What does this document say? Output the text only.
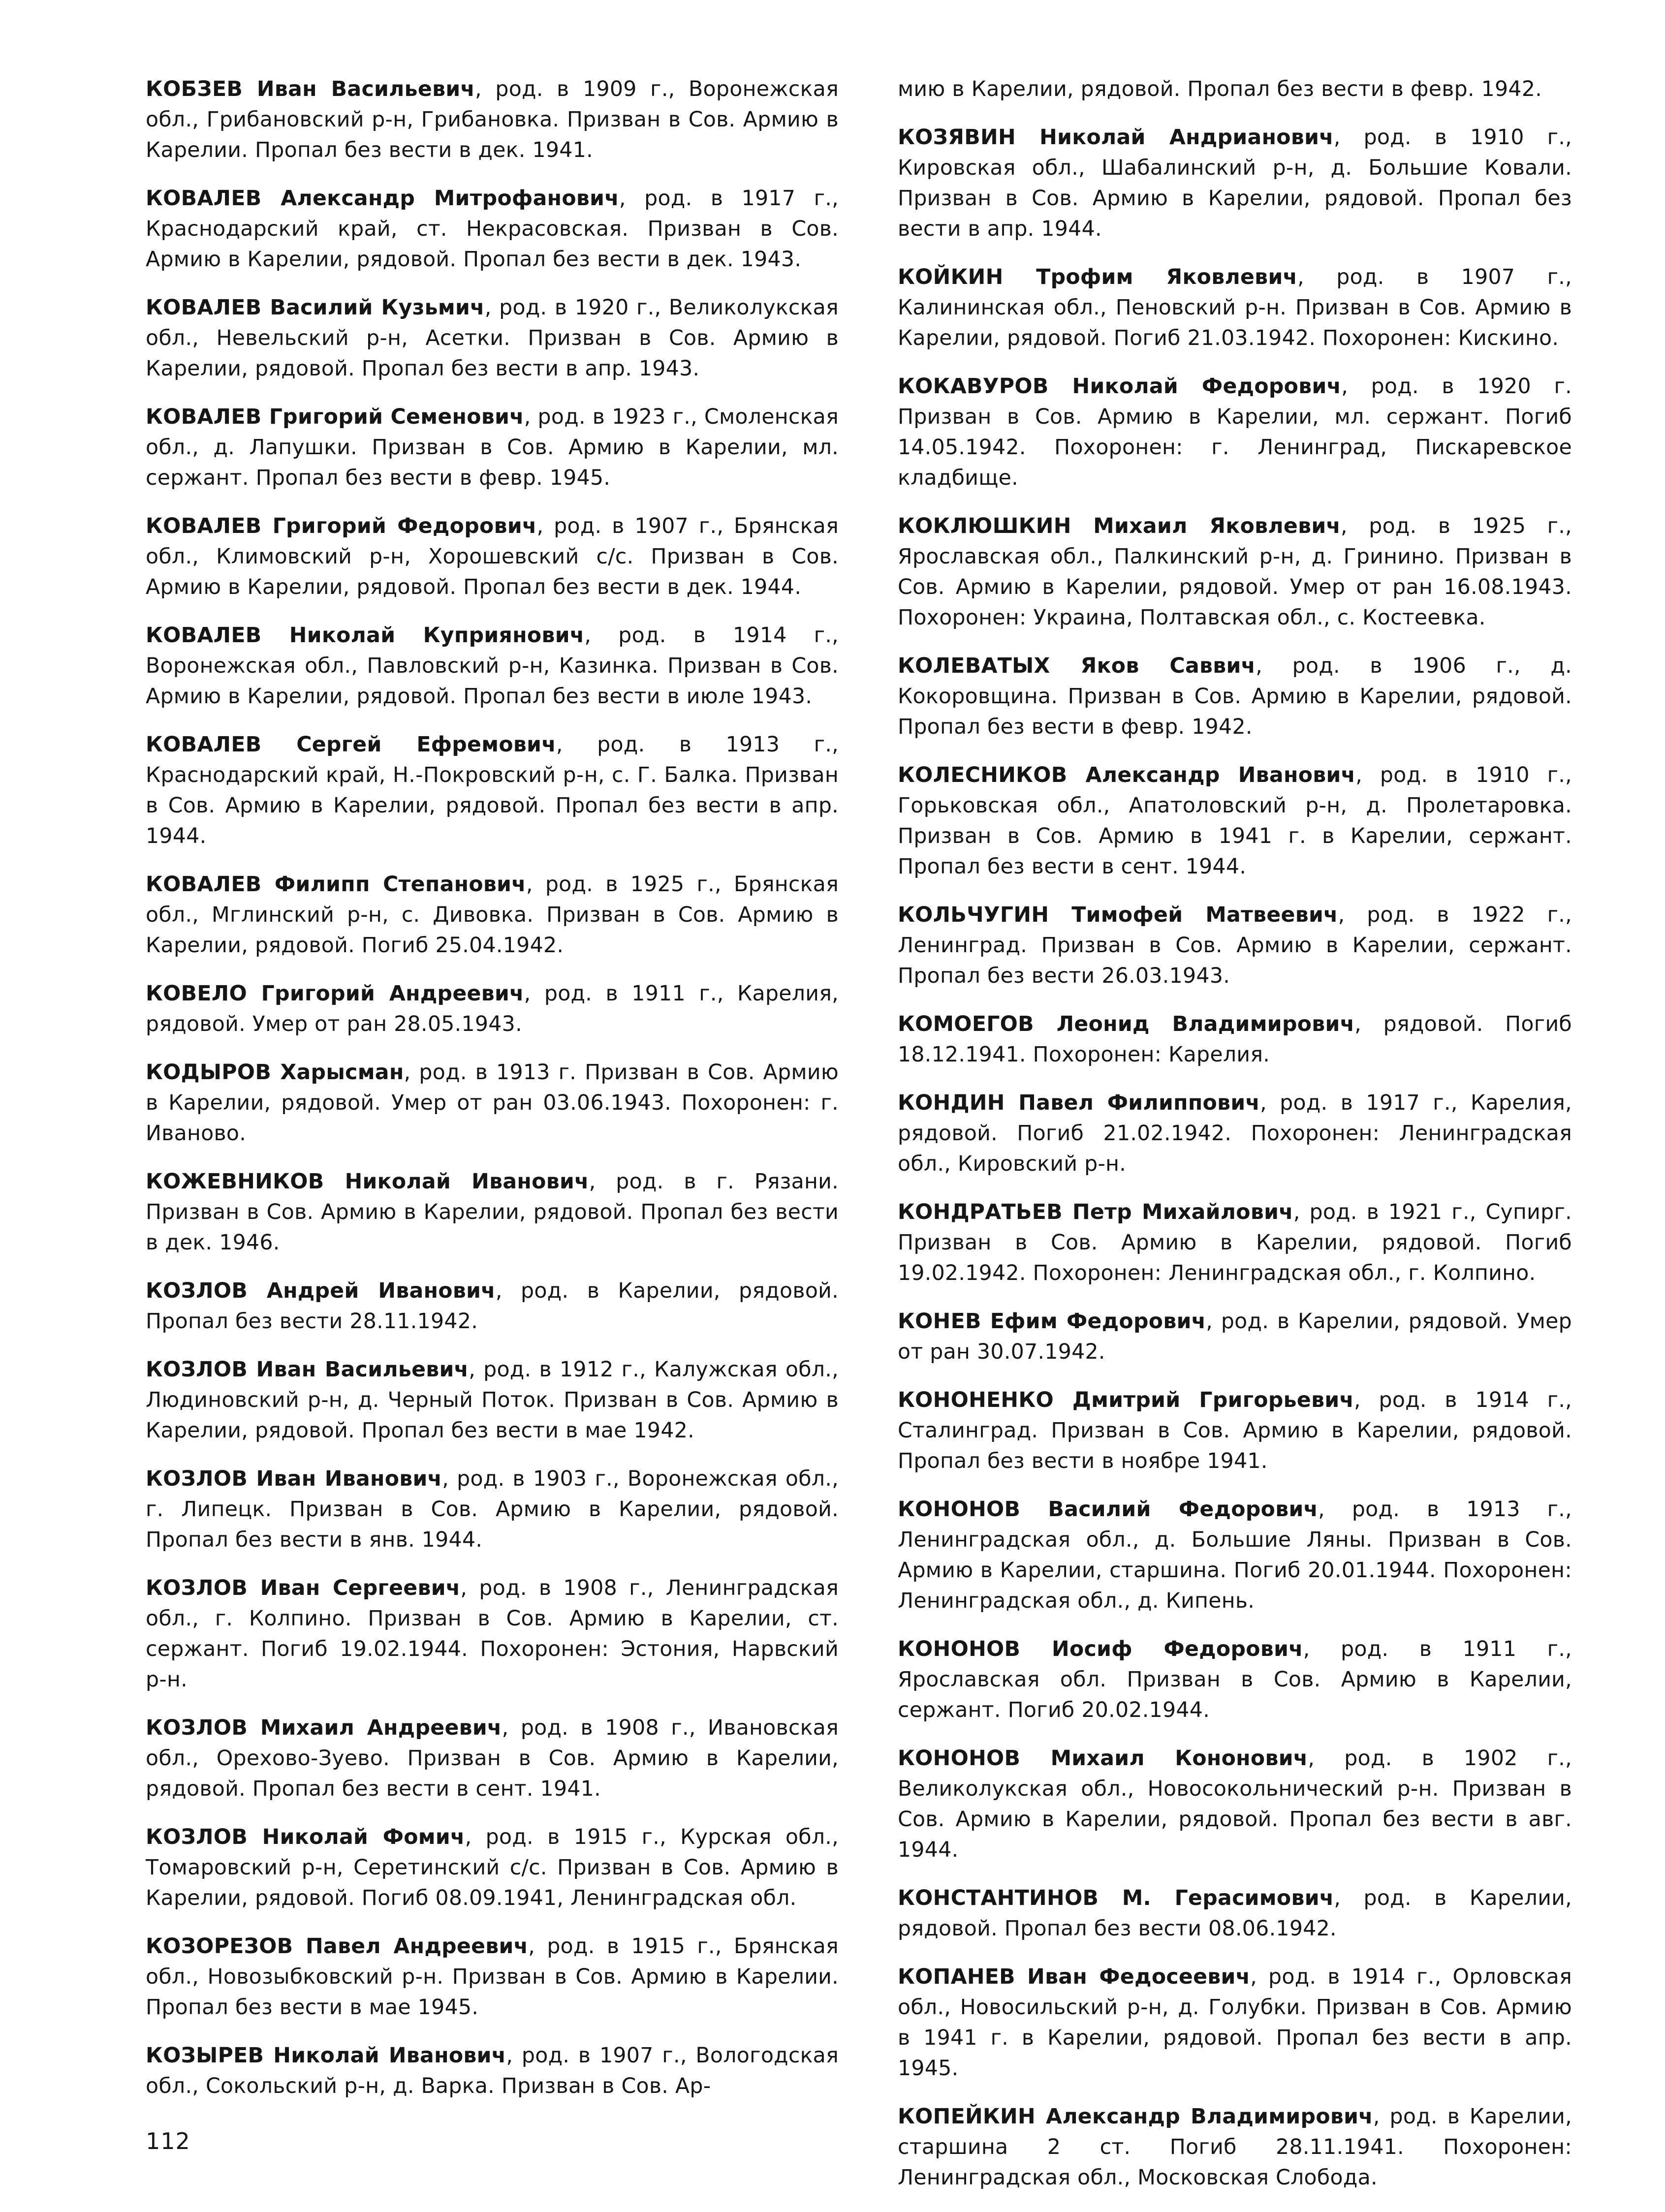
КОБЗЕВ Иван Васильевич, род. в 1909 г., Воронежская обл., Грибановский р-н, Грибановка. Призван в Сов. Армию в Карелии. Пропал без вести в дек. 1941.

КОВАЛЕВ Александр Митрофанович, род. в 1917 г., Краснодарский край, ст. Некрасовская. Призван в Сов. Армию в Карелии, рядовой. Пропал без вести в дек. 1943.

КОВАЛЕВ Василий Кузьмич, род. в 1920 г., Великолукская обл., Невельский р-н, Асетки. Призван в Сов. Армию в Карелии, рядовой. Пропал без вести в апр. 1943.

КОВАЛЕВ Григорий Семенович, род. в 1923 г., Смоленская обл., д. Лапушки. Призван в Сов. Армию в Карелии, мл. сержант. Пропал без вести в февр. 1945.

КОВАЛЕВ Григорий Федорович, род. в 1907 г., Брянская обл., Климовский р-н, Хорошевский с/с. Призван в Сов. Армию в Карелии, рядовой. Пропал без вести в дек. 1944.

КОВАЛЕВ Николай Куприянович, род. в 1914 г., Воронежская обл., Павловский р-н, Казинка. Призван в Сов. Армию в Карелии, рядовой. Пропал без вести в июле 1943.

КОВАЛЕВ Сергей Ефремович, род. в 1913 г., Краснодарский край, Н.-Покровский р-н, с. Г. Балка. Призван в Сов. Армию в Карелии, рядовой. Пропал без вести в апр. 1944.

КОВАЛЕВ Филипп Степанович, род. в 1925 г., Брянская обл., Мглинский р-н, с. Дивовка. Призван в Сов. Армию в Карелии, рядовой. Погиб 25.04.1942.

КОВЕЛО Григорий Андреевич, род. в 1911 г., Карелия, рядовой. Умер от ран 28.05.1943.

КОДЫРОВ Харысман, род. в 1913 г. Призван в Сов. Армию в Карелии, рядовой. Умер от ран 03.06.1943. Похоронен: г. Иваново.

КОЖЕВНИКОВ Николай Иванович, род. в г. Рязани. Призван в Сов. Армию в Карелии, рядовой. Пропал без вести в дек. 1946.

КОЗЛОВ Андрей Иванович, род. в Карелии, рядовой. Пропал без вести 28.11.1942.

КОЗЛОВ Иван Васильевич, род. в 1912 г., Калужская обл., Людиновский р-н, д. Черный Поток. Призван в Сов. Армию в Карелии, рядовой. Пропал без вести в мае 1942.

КОЗЛОВ Иван Иванович, род. в 1903 г., Воронежская обл., г. Липецк. Призван в Сов. Армию в Карелии, рядовой. Пропал без вести в янв. 1944.

КОЗЛОВ Иван Сергеевич, род. в 1908 г., Ленинградская обл., г. Колпино. Призван в Сов. Армию в Карелии, ст. сержант. Погиб 19.02.1944. Похоронен: Эстония, Нарвский р-н.

КОЗЛОВ Михаил Андреевич, род. в 1908 г., Ивановская обл., Орехово-Зуево. Призван в Сов. Армию в Карелии, рядовой. Пропал без вести в сент. 1941.

КОЗЛОВ Николай Фомич, род. в 1915 г., Курская обл., Томаровский р-н, Серетинский с/с. Призван в Сов. Армию в Карелии, рядовой. Погиб 08.09.1941, Ленинградская обл.

КОЗОРЕЗОВ Павел Андреевич, род. в 1915 г., Брянская обл., Новозыбковский р-н. Призван в Сов. Армию в Карелии. Пропал без вести в мае 1945.

КОЗЫРЕВ Николай Иванович, род. в 1907 г., Вологодская обл., Сокольский р-н, д. Варка. Призван в Сов. Ар-

мию в Карелии, рядовой. Пропал без вести в февр. 1942.

КОЗЯВИН Николай Андрианович, род. в 1910 г., Кировская обл., Шабалинский р-н, д. Большие Ковали. Призван в Сов. Армию в Карелии, рядовой. Пропал без вести в апр. 1944.

КОЙКИН Трофим Яковлевич, род. в 1907 г., Калининская обл., Пеновский р-н. Призван в Сов. Армию в Карелии, рядовой. Погиб 21.03.1942. Похоронен: Кискино.

КОКАВУРОВ Николай Федорович, род. в 1920 г. Призван в Сов. Армию в Карелии, мл. сержант. Погиб 14.05.1942. Похоронен: г. Ленинград, Пискаревское кладбище.

КОКЛЮШКИН Михаил Яковлевич, род. в 1925 г., Ярославская обл., Палкинский р-н, д. Гринино. Призван в Сов. Армию в Карелии, рядовой. Умер от ран 16.08.1943. Похоронен: Украина, Полтавская обл., с. Костеевка.

КОЛЕВАТЫХ Яков Саввич, род. в 1906 г., д. Кокоровщина. Призван в Сов. Армию в Карелии, рядовой. Пропал без вести в февр. 1942.

КОЛЕСНИКОВ Александр Иванович, род. в 1910 г., Горьковская обл., Апатоловский р-н, д. Пролетаровка. Призван в Сов. Армию в 1941 г. в Карелии, сержант. Пропал без вести в сент. 1944.

КОЛЬЧУГИН Тимофей Матвеевич, род. в 1922 г., Ленинград. Призван в Сов. Армию в Карелии, сержант. Пропал без вести 26.03.1943.

КОМОЕГОВ Леонид Владимирович, рядовой. Погиб 18.12.1941. Похоронен: Карелия.

КОНДИН Павел Филиппович, род. в 1917 г., Карелия, рядовой. Погиб 21.02.1942. Похоронен: Ленинградская обл., Кировский р-н.

КОНДРАТЬЕВ Петр Михайлович, род. в 1921 г., Супирг. Призван в Сов. Армию в Карелии, рядовой. Погиб 19.02.1942. Похоронен: Ленинградская обл., г. Колпино.

КОНЕВ Ефим Федорович, род. в Карелии, рядовой. Умер от ран 30.07.1942.

КОНОНЕНКО Дмитрий Григорьевич, род. в 1914 г., Сталинград. Призван в Сов. Армию в Карелии, рядовой. Пропал без вести в ноябре 1941.

КОНОНОВ Василий Федорович, род. в 1913 г., Ленинградская обл., д. Большие Ляны. Призван в Сов. Армию в Карелии, старшина. Погиб 20.01.1944. Похоронен: Ленинградская обл., д. Кипень.

КОНОНОВ Иосиф Федорович, род. в 1911 г., Ярославская обл. Призван в Сов. Армию в Карелии, сержант. Погиб 20.02.1944.

КОНОНОВ Михаил Кононович, род. в 1902 г., Великолукская обл., Новосокольнический р-н. Призван в Сов. Армию в Карелии, рядовой. Пропал без вести в авг. 1944.

КОНСТАНТИНОВ М. Герасимович, род. в Карелии, рядовой. Пропал без вести 08.06.1942.

КОПАНЕВ Иван Федосеевич, род. в 1914 г., Орловская обл., Новосильский р-н, д. Голубки. Призван в Сов. Армию в 1941 г. в Карелии, рядовой. Пропал без вести в апр. 1945.

КОПЕЙКИН Александр Владимирович, род. в Карелии, старшина 2 ст. Погиб 28.11.1941. Похоронен: Ленинградская обл., Московская Слобода.

112
